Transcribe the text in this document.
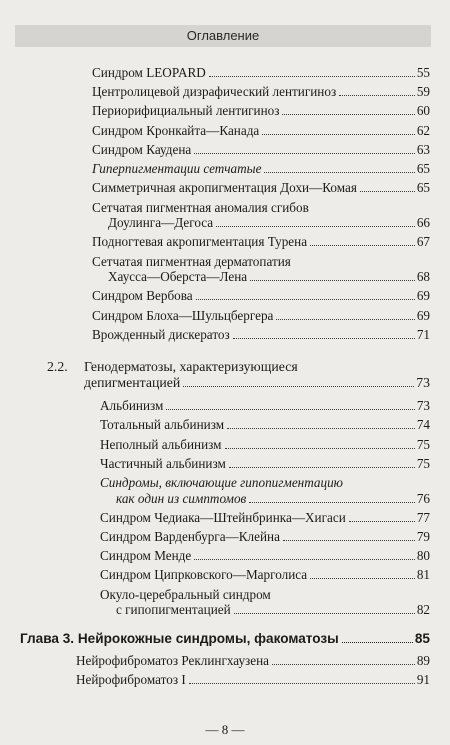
Оглавление
Синдром LEOPARD	55
Центролицевой дизрафический лентигиноз	59
Периорифициальный лентигиноз	60
Синдром Кронкайта—Канада	62
Синдром Каудена	63
Гиперпигментации сетчатые	65
Симметричная акропигментация Дохи—Комая	65
Сетчатая пигментная аномалия сгибов
Доулинга—Дегоса	66
Подногтевая акропигментация Турена	67
Сетчатая пигментная дерматопатия
Хаусса—Оберста—Лена	68
Синдром Вербова	69
Синдром Блоха—Шульцбергера	69
Врожденный дискератоз	71
2.2. Генодерматозы, характеризующиеся
депигментацией	73
Альбинизм	73
Тотальный альбинизм	74
Неполный альбинизм	75
Частичный альбинизм	75
Синдромы, включающие гипопигментацию
как один из симптомов	76
Синдром Чедиака—Штейнбринка—Хигаси	77
Синдром Варденбурга—Клейна	79
Синдром Менде	80
Синдром Ципрковского—Марголиса	81
Окуло-церебральный синдром
с гипопигментацией	82
Глава 3. Нейрокожные синдромы, факоматозы	85
Нейрофиброматоз Реклингхаузена	89
Нейрофиброматоз I	91
— 8 —
